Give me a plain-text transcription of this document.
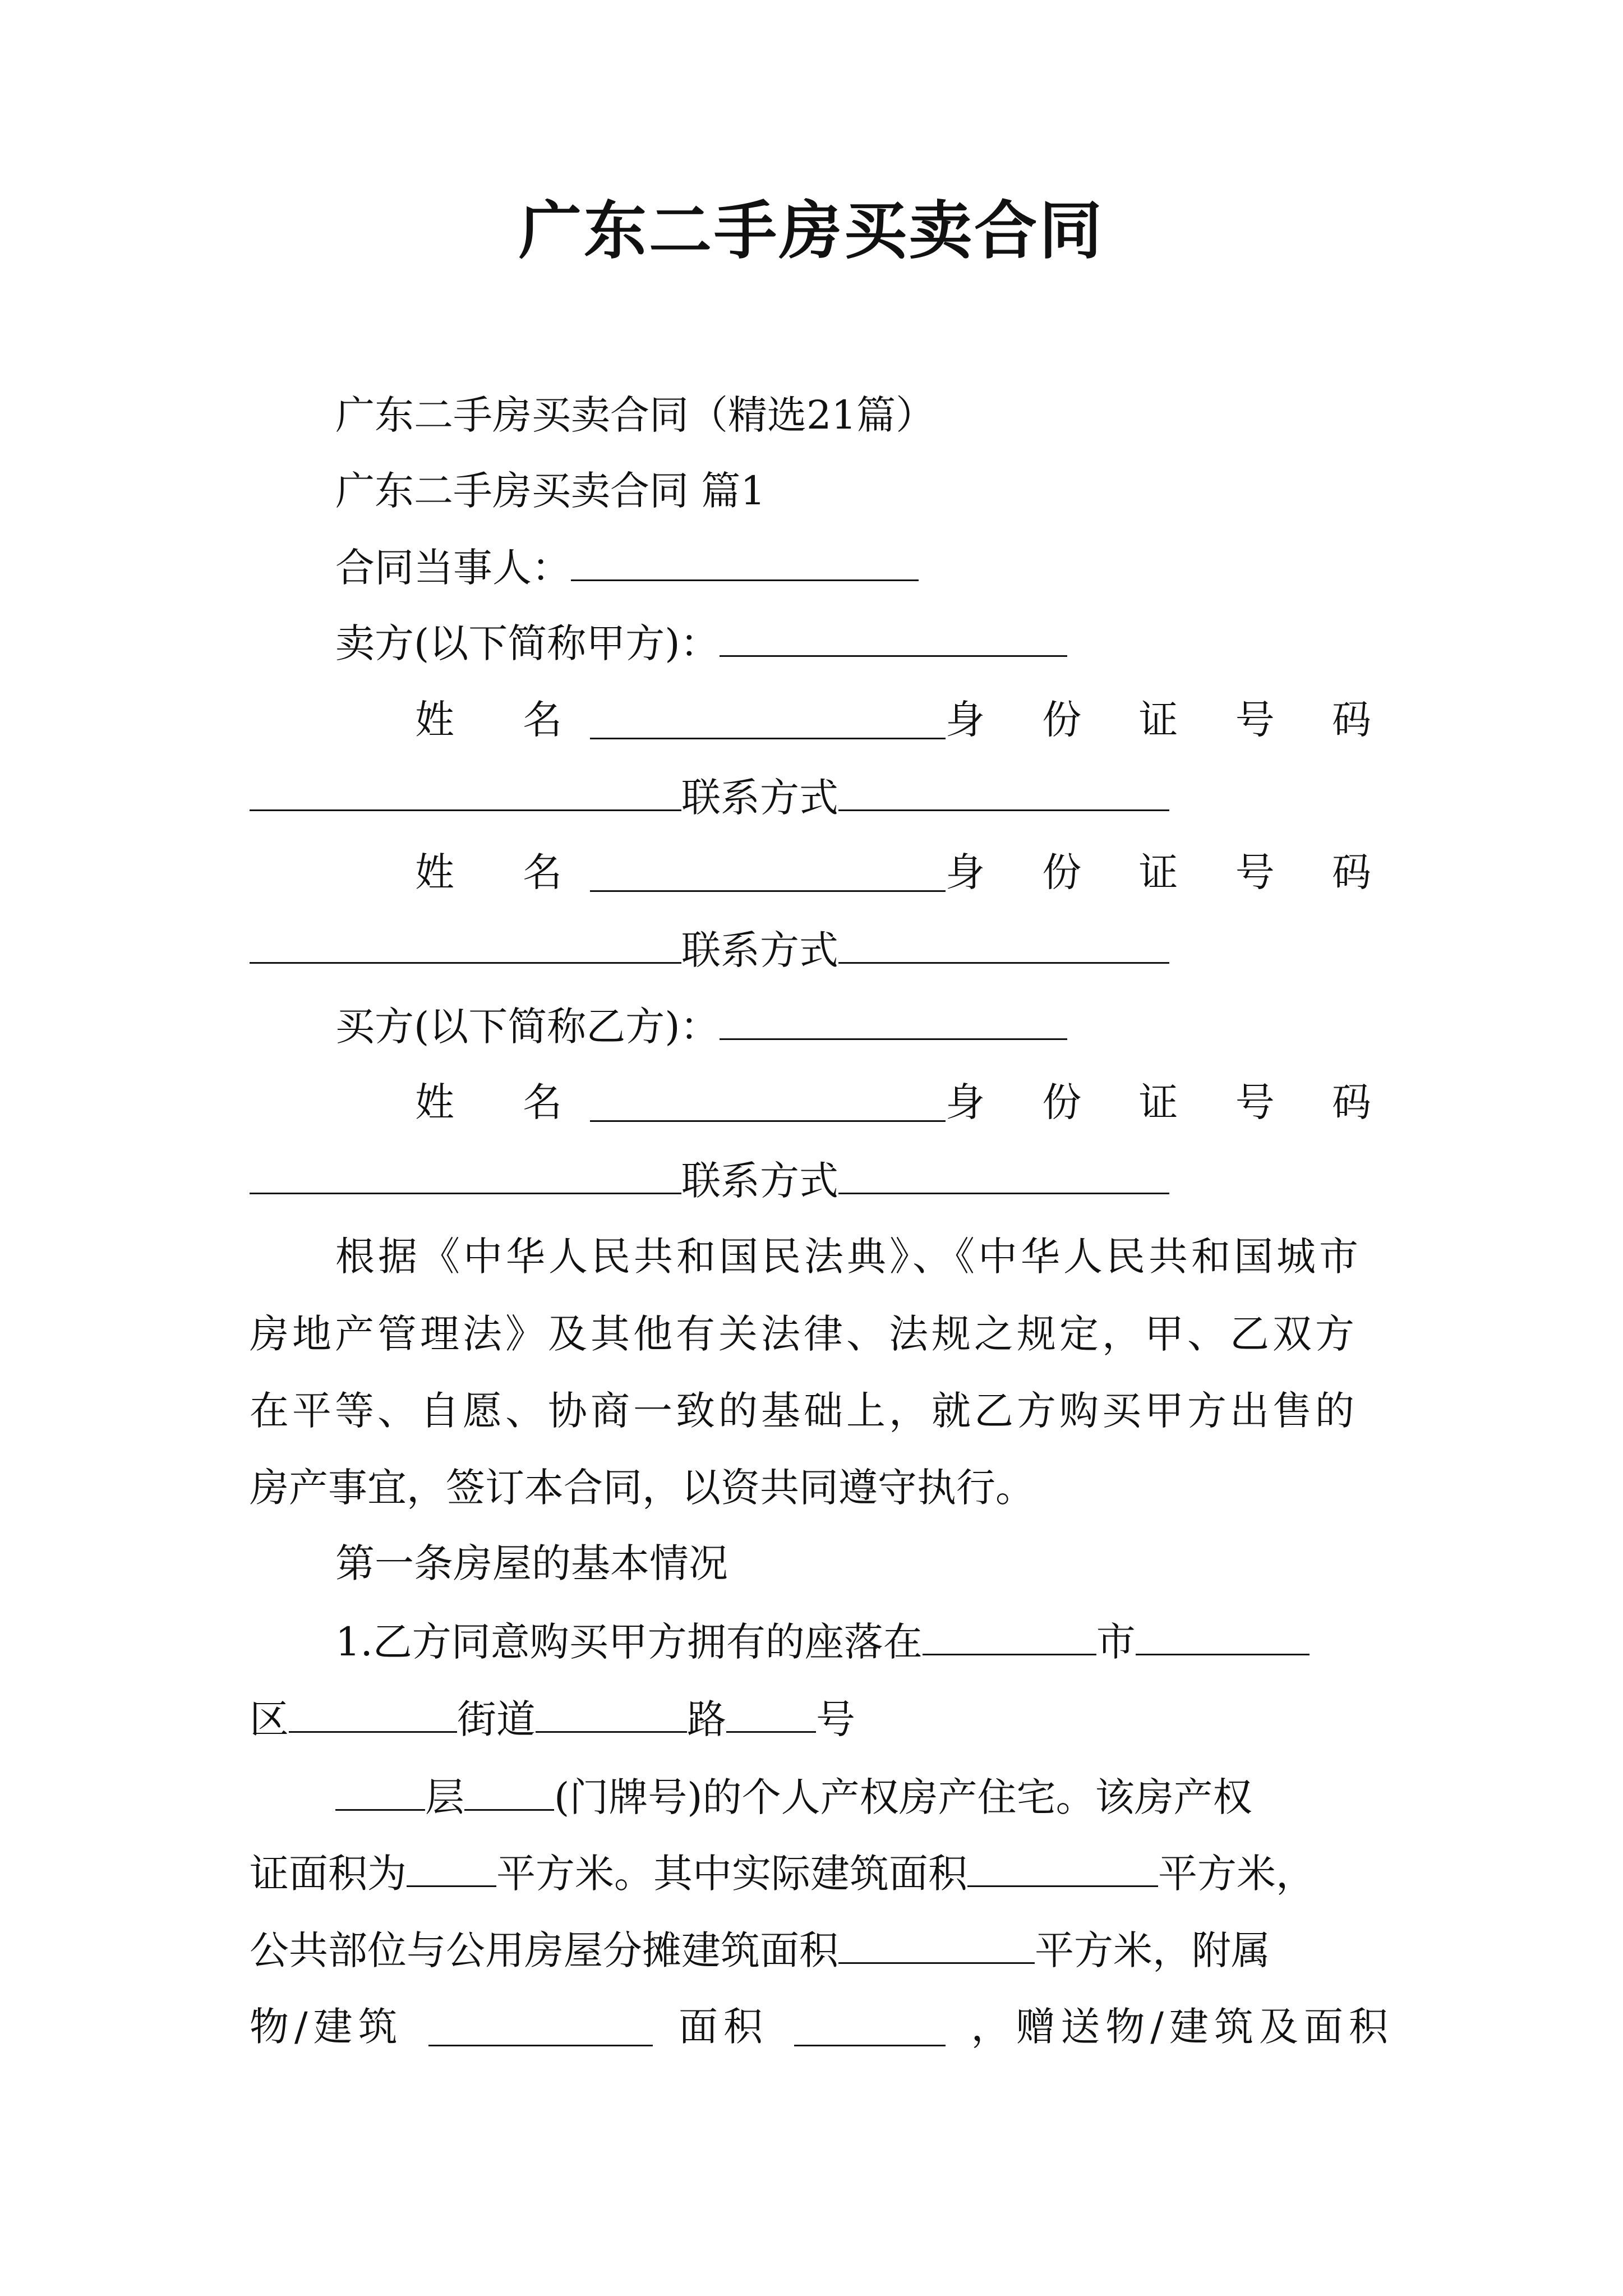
广东二手房买卖合同
广东二手房买卖合同（精选21篇）
广东二手房买卖合同 篇1
合同当事人：
卖方(以下简称甲方)：
姓 名	身 份 证 号 码
联系方式
姓 名	身 份 证 号 码
联系方式
买方(以下简称乙方)：
姓 名	身 份 证 号 码
联系方式
根据《中华人民共和国民法典》、《中华人民共和国城市
房地产管理法》及其他有关法律、法规之规定，甲、乙双方
在平等、自愿、协商一致的基础上，就乙方购买甲方出售的
房产事宜，签订本合同，以资共同遵守执行。
第一条房屋的基本情况
1.乙方同意购买甲方拥有的座落在	市
区	街道	路 号
层 (门牌号)的个人产权房产住宅。该房产权
证面积为 平方米。其中实际建筑面积	平方米，
公共部位与公用房屋分摊建筑面积	平方米，附属
物/建筑	面积	，赠送物/建筑及面积
